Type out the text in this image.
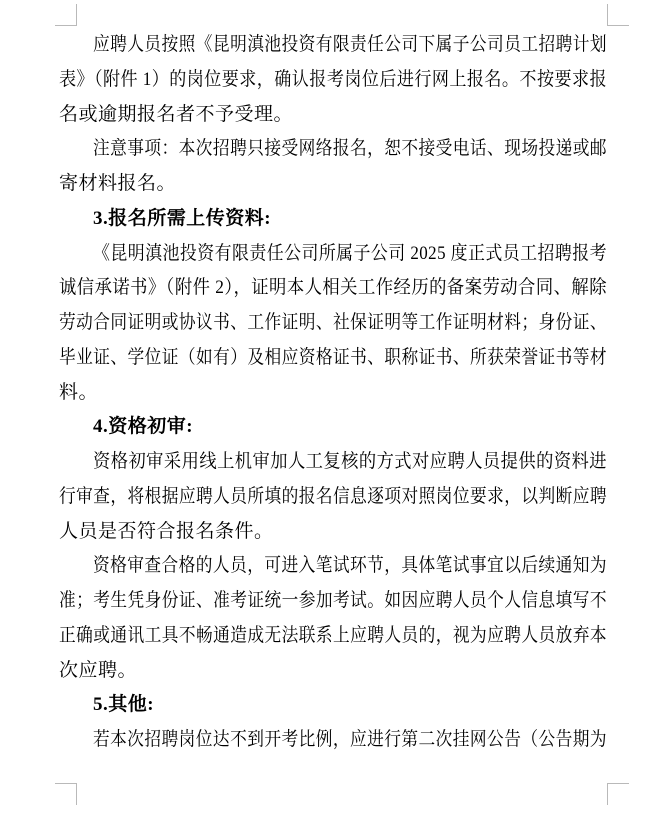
应聘人员按照《昆明滇池投资有限责任公司下属子公司员工招聘计划
表》（附件 1）的岗位要求，确认报考岗位后进行网上报名。不按要求报
名或逾期报名者不予受理。
注意事项：本次招聘只接受网络报名，恕不接受电话、现场投递或邮
寄材料报名。
3.报名所需上传资料:
《昆明滇池投资有限责任公司所属子公司 2025 度正式员工招聘报考
诚信承诺书》（附件 2），证明本人相关工作经历的备案劳动合同、解除
劳动合同证明或协议书、工作证明、社保证明等工作证明材料；身份证、
毕业证、学位证（如有）及相应资格证书、职称证书、所获荣誉证书等材
料。
4.资格初审:
资格初审采用线上机审加人工复核的方式对应聘人员提供的资料进
行审查，将根据应聘人员所填的报名信息逐项对照岗位要求，以判断应聘
人员是否符合报名条件。
资格审查合格的人员，可进入笔试环节，具体笔试事宜以后续通知为
准；考生凭身份证、准考证统一参加考试。如因应聘人员个人信息填写不
正确或通讯工具不畅通造成无法联系上应聘人员的，视为应聘人员放弃本
次应聘。
5.其他:
若本次招聘岗位达不到开考比例，应进行第二次挂网公告（公告期为
